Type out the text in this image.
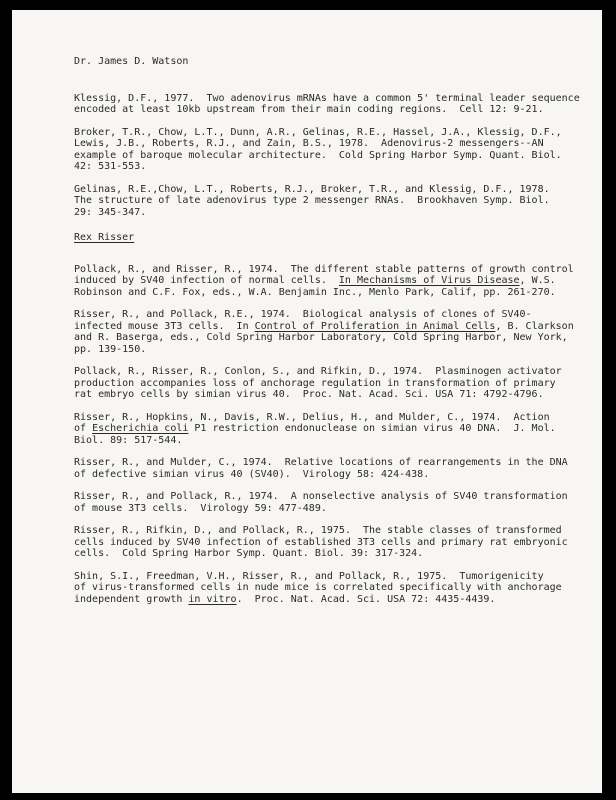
Dr. James D. Watson
Klessig, D.F., 1977.  Two adenovirus mRNAs have a common 5' terminal leader sequence
encoded at least 10kb upstream from their main coding regions.  Cell 12: 9-21.
Broker, T.R., Chow, L.T., Dunn, A.R., Gelinas, R.E., Hassel, J.A., Klessig, D.F.,
Lewis, J.B., Roberts, R.J., and Zain, B.S., 1978.  Adenovirus-2 messengers--AN
example of baroque molecular architecture.  Cold Spring Harbor Symp. Quant. Biol.
42: 531-553.
Gelinas, R.E.,Chow, L.T., Roberts, R.J., Broker, T.R., and Klessig, D.F., 1978.
The structure of late adenovirus type 2 messenger RNAs.  Brookhaven Symp. Biol.
29: 345-347.
Rex Risser
Pollack, R., and Risser, R., 1974.  The different stable patterns of growth control
induced by SV40 infection of normal cells.  In Mechanisms of Virus Disease, W.S.
Robinson and C.F. Fox, eds., W.A. Benjamin Inc., Menlo Park, Calif, pp. 261-270.
Risser, R., and Pollack, R.E., 1974.  Biological analysis of clones of SV40-
infected mouse 3T3 cells.  In Control of Proliferation in Animal Cells, B. Clarkson
and R. Baserga, eds., Cold Spring Harbor Laboratory, Cold Spring Harbor, New York,
pp. 139-150.
Pollack, R., Risser, R., Conlon, S., and Rifkin, D., 1974.  Plasminogen activator
production accompanies loss of anchorage regulation in transformation of primary
rat embryo cells by simian virus 40.  Proc. Nat. Acad. Sci. USA 71: 4792-4796.
Risser, R., Hopkins, N., Davis, R.W., Delius, H., and Mulder, C., 1974.  Action
of Escherichia coli P1 restriction endonuclease on simian virus 40 DNA.  J. Mol.
Biol. 89: 517-544.
Risser, R., and Mulder, C., 1974.  Relative locations of rearrangements in the DNA
of defective simian virus 40 (SV40).  Virology 58: 424-438.
Risser, R., and Pollack, R., 1974.  A nonselective analysis of SV40 transformation
of mouse 3T3 cells.  Virology 59: 477-489.
Risser, R., Rifkin, D., and Pollack, R., 1975.  The stable classes of transformed
cells induced by SV40 infection of established 3T3 cells and primary rat embryonic
cells.  Cold Spring Harbor Symp. Quant. Biol. 39: 317-324.
Shin, S.I., Freedman, V.H., Risser, R., and Pollack, R., 1975.  Tumorigenicity
of virus-transformed cells in nude mice is correlated specifically with anchorage
independent growth in vitro.  Proc. Nat. Acad. Sci. USA 72: 4435-4439.
